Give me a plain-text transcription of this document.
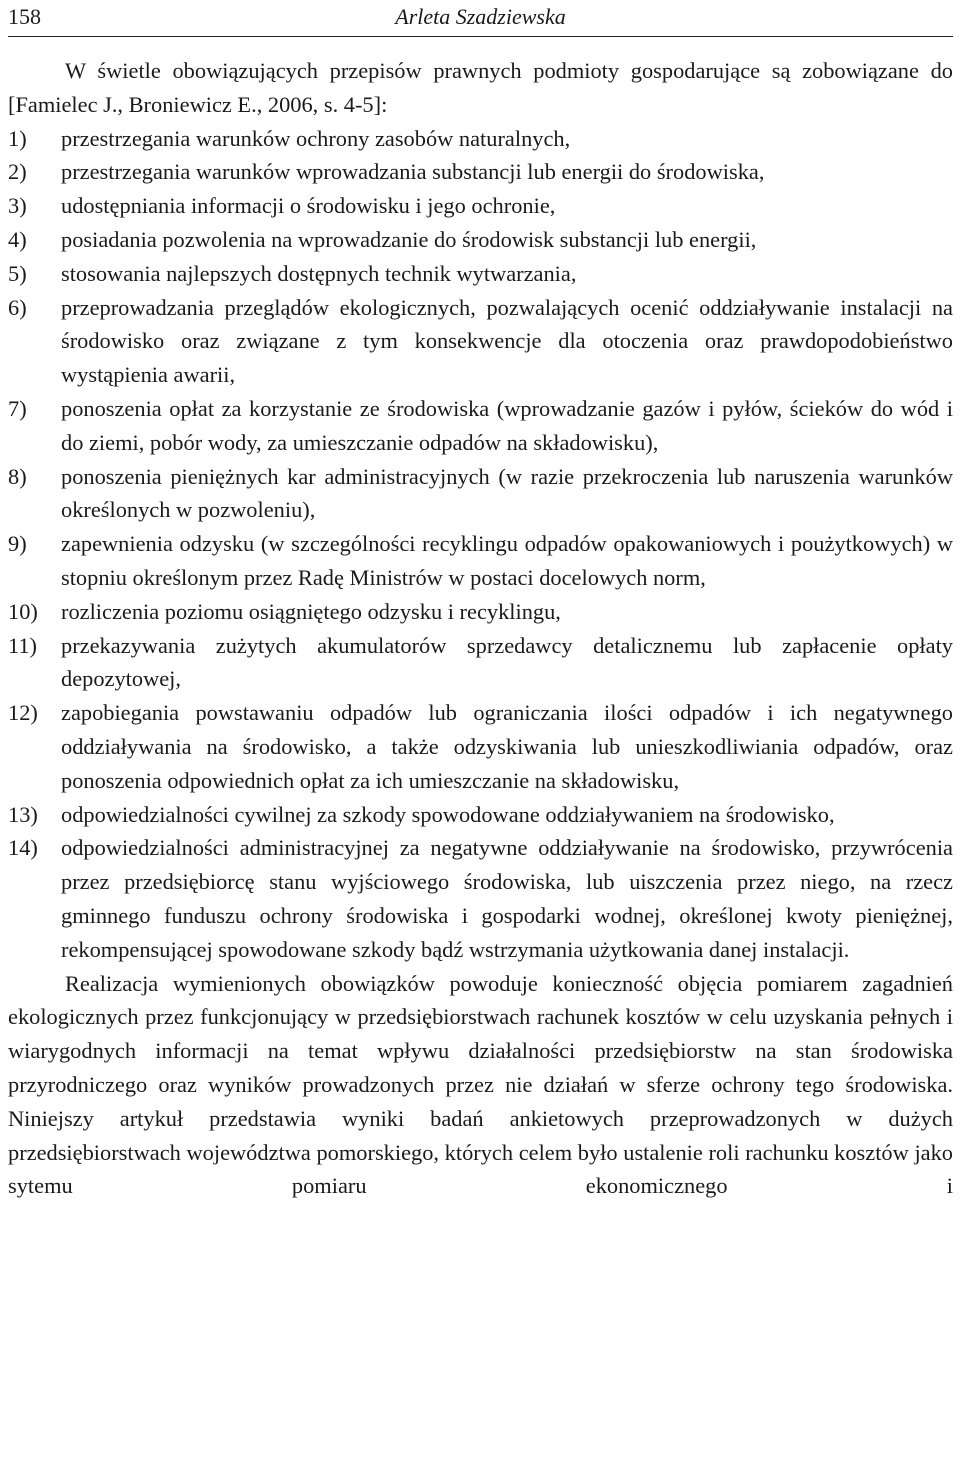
158	Arleta Szadziewska

W świetle obowiązujących przepisów prawnych podmioty gospodarujące są zobowiązane do [Famielec J., Broniewicz E., 2006, s. 4-5]:

1) przestrzegania warunków ochrony zasobów naturalnych,
2) przestrzegania warunków wprowadzania substancji lub energii do środowiska,
3) udostępniania informacji o środowisku i jego ochronie,
4) posiadania pozwolenia na wprowadzanie do środowisk substancji lub energii,
5) stosowania najlepszych dostępnych technik wytwarzania,
6) przeprowadzania przeglądów ekologicznych, pozwalających ocenić oddziaływanie instalacji na środowisko oraz związane z tym konsekwencje dla otoczenia oraz prawdopodobieństwo wystąpienia awarii,
7) ponoszenia opłat za korzystanie ze środowiska (wprowadzanie gazów i pyłów, ścieków do wód i do ziemi, pobór wody, za umieszczanie odpadów na składowisku),
8) ponoszenia pieniężnych kar administracyjnych (w razie przekroczenia lub naruszenia warunków określonych w pozwoleniu),
9) zapewnienia odzysku (w szczególności recyklingu odpadów opakowaniowych i poużytkowych) w stopniu określonym przez Radę Ministrów w postaci docelowych norm,
10) rozliczenia poziomu osiągniętego odzysku i recyklingu,
11) przekazywania zużytych akumulatorów sprzedawcy detalicznemu lub zapłacenie opłaty depozytowej,
12) zapobiegania powstawaniu odpadów lub ograniczania ilości odpadów i ich negatywnego oddziaływania na środowisko, a także odzyskiwania lub unieszkodliwiania odpadów, oraz ponoszenia odpowiednich opłat za ich umieszczanie na składowisku,
13) odpowiedzialności cywilnej za szkody spowodowane oddziaływaniem na środowisko,
14) odpowiedzialności administracyjnej za negatywne oddziaływanie na środowisko, przywrócenia przez przedsiębiorcę stanu wyjściowego środowiska, lub uiszczenia przez niego, na rzecz gminnego funduszu ochrony środowiska i gospodarki wodnej, określonej kwoty pieniężnej, rekompensującej spowodowane szkody bądź wstrzymania użytkowania danej instalacji.

Realizacja wymienionych obowiązków powoduje konieczność objęcia pomiarem zagadnień ekologicznych przez funkcjonujący w przedsiębiorstwach rachunek kosztów w celu uzyskania pełnych i wiarygodnych informacji na temat wpływu działalności przedsiębiorstw na stan środowiska przyrodniczego oraz wyników prowadzonych przez nie działań w sferze ochrony tego środowiska. Niniejszy artykuł przedstawia wyniki badań ankietowych przeprowadzonych w dużych przedsiębiorstwach województwa pomorskiego, których celem było ustalenie roli rachunku kosztów jako sytemu pomiaru ekonomicznego i
